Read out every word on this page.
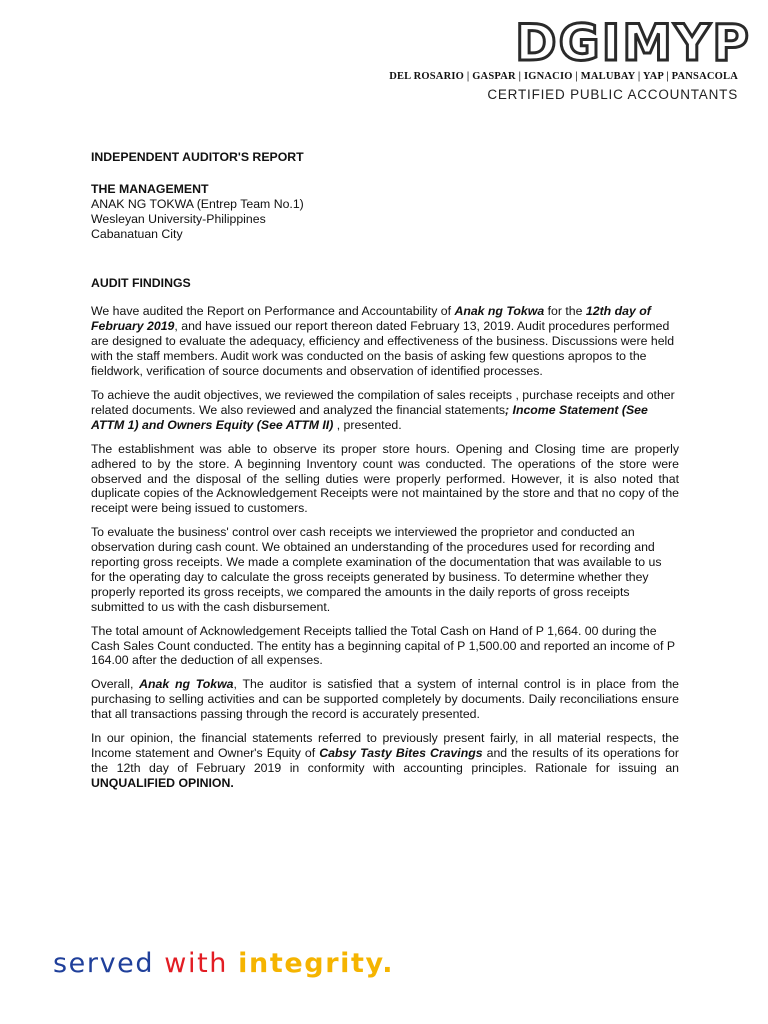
DGIMYP
DEL ROSARIO | GASPAR | IGNACIO | MALUBAY | YAP | PANSACOLA
CERTIFIED PUBLIC ACCOUNTANTS

INDEPENDENT AUDITOR'S REPORT

THE MANAGEMENT

ANAK NG TOKWA (Entrep Team No.1)

Wesleyan University-Philippines

Cabanatuan City

AUDIT FINDINGS

We have audited the Report on Performance and Accountability of Anak ng Tokwa for the 12th day of February 2019, and have issued our report thereon dated February 13, 2019. Audit procedures performed are designed to evaluate the adequacy, efficiency and effectiveness of the business. Discussions were held with the staff members. Audit work was conducted on the basis of asking few questions apropos to the fieldwork, verification of source documents and observation of identified processes.

To achieve the audit objectives, we reviewed the compilation of sales receipts , purchase receipts and other related documents. We also reviewed and analyzed the financial statements; Income Statement (See ATTM 1) and Owners Equity (See ATTM II) , presented.

The establishment was able to observe its proper store hours. Opening and Closing time are properly adhered to by the store. A beginning Inventory count was conducted. The operations of the store were observed and the disposal of the selling duties were properly performed. However, it is also noted that duplicate copies of the Acknowledgement Receipts were not maintained by the store and that no copy of the receipt were being issued to customers.

To evaluate the business' control over cash receipts we interviewed the proprietor and conducted an observation during cash count. We obtained an understanding of the procedures used for recording and reporting gross receipts. We made a complete examination of the documentation that was available to us for the operating day to calculate the gross receipts generated by business. To determine whether they properly reported its gross receipts, we compared the amounts in the daily reports of gross receipts submitted to us with the cash disbursement.

The total amount of Acknowledgement Receipts tallied the Total Cash on Hand of P 1,664. 00 during the Cash Sales Count conducted. The entity has a beginning capital of P 1,500.00 and reported an income of P 164.00 after the deduction of all expenses.

Overall, Anak ng Tokwa, The auditor is satisfied that a system of internal control is in place from the purchasing to selling activities and can be supported completely by documents. Daily reconciliations ensure that all transactions passing through the record is accurately presented.

In our opinion, the financial statements referred to previously present fairly, in all material respects, the Income statement and Owner's Equity of Cabsy Tasty Bites Cravings and the results of its operations for the 12th day of February 2019 in conformity with accounting principles. Rationale for issuing an UNQUALIFIED OPINION.

served with integrity.
